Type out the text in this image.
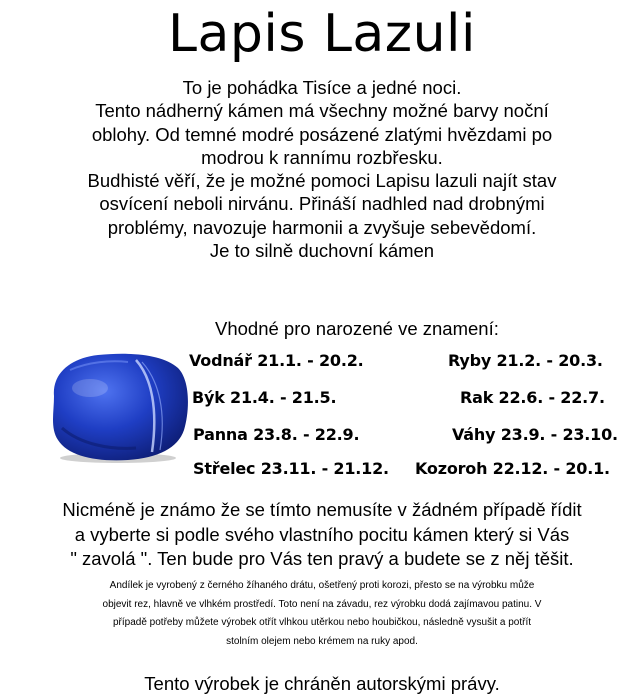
Lapis Lazuli
To je pohádka Tisíce a jedné noci.
Tento nádherný kámen má všechny možné barvy noční
oblohy. Od temné modré posázené zlatými hvězdami po
modrou k rannímu rozbřesku.
Budhisté věří, že je možné pomoci Lapisu lazuli najít stav
osvícení neboli nirvánu. Přináší nadhled nad drobnými
problémy, navozuje harmonii a zvyšuje sebevědomí.
Je to silně duchovní kámen
Vhodné pro narozené ve znamení:
Vodnář 21.1. - 20.2.	Ryby 21.2. - 20.3.
Býk 21.4. - 21.5.	Rak 22.6. - 22.7.
Panna 23.8. - 22.9.	Váhy 23.9. - 23.10.
Střelec 23.11. - 21.12. Kozoroh 22.12. - 20.1.
Nicméně je známo že se tímto nemusíte v žádném případě řídit
a vyberte si podle svého vlastního pocitu kámen který si Vás
" zavolá ". Ten bude pro Vás ten pravý a budete se z něj těšit.
Andílek je vyrobený z černého žíhaného drátu, ošetřený proti korozi, přesto se na výrobku může
objevit rez, hlavně ve vlhkém prostředí. Toto není na závadu, rez výrobku dodá zajímavou patinu. V
případě potřeby můžete výrobek otřít vlhkou utěrkou nebo houbičkou, následně vysušit a potřít
stolním olejem nebo krémem na ruky apod.
Tento výrobek je chráněn autorskými právy.
